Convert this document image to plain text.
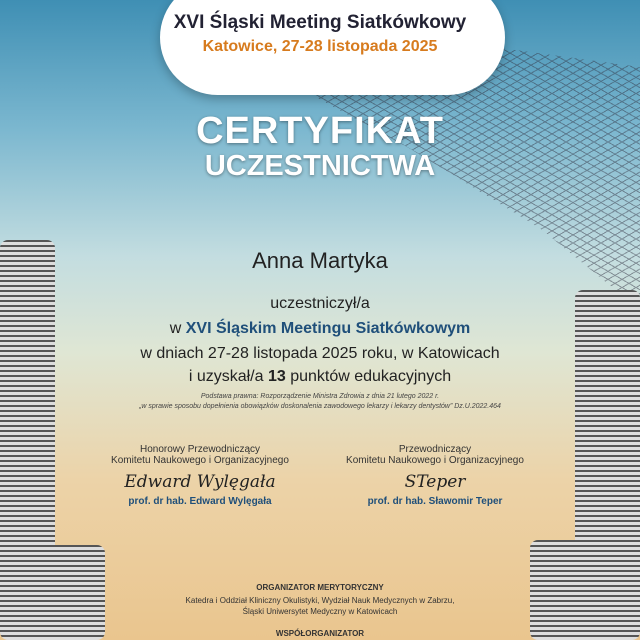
XVI Śląski Meeting Siatkówkowy
Katowice, 27-28 listopada 2025
CERTYFIKAT
UCZESTNICTWA
Anna Martyka
uczestniczył/a
w XVI Śląskim Meetingu Siatkówkowym
w dniach 27-28 listopada 2025 roku, w Katowicach
i uzyskał/a 13 punktów edukacyjnych
Podstawa prawna: Rozporządzenie Ministra Zdrowia z dnia 21 lutego 2022 r.
„w sprawie sposobu dopełnienia obowiązków doskonalenia zawodowego lekarzy i lekarzy dentystów” Dz.U.2022.464
Honorowy Przewodniczący
Komitetu Naukowego i Organizacyjnego
Edward Wylęgała
prof. dr hab. Edward Wylęgała
Przewodniczący
Komitetu Naukowego i Organizacyjnego
STeper
prof. dr hab. Sławomir Teper
ORGANIZATOR MERYTORYCZNY
Katedra i Oddział Kliniczny Okulistyki, Wydział Nauk Medycznych w Zabrzu,
Śląski Uniwersytet Medyczny w Katowicach
WSPÓŁORGANIZATOR
